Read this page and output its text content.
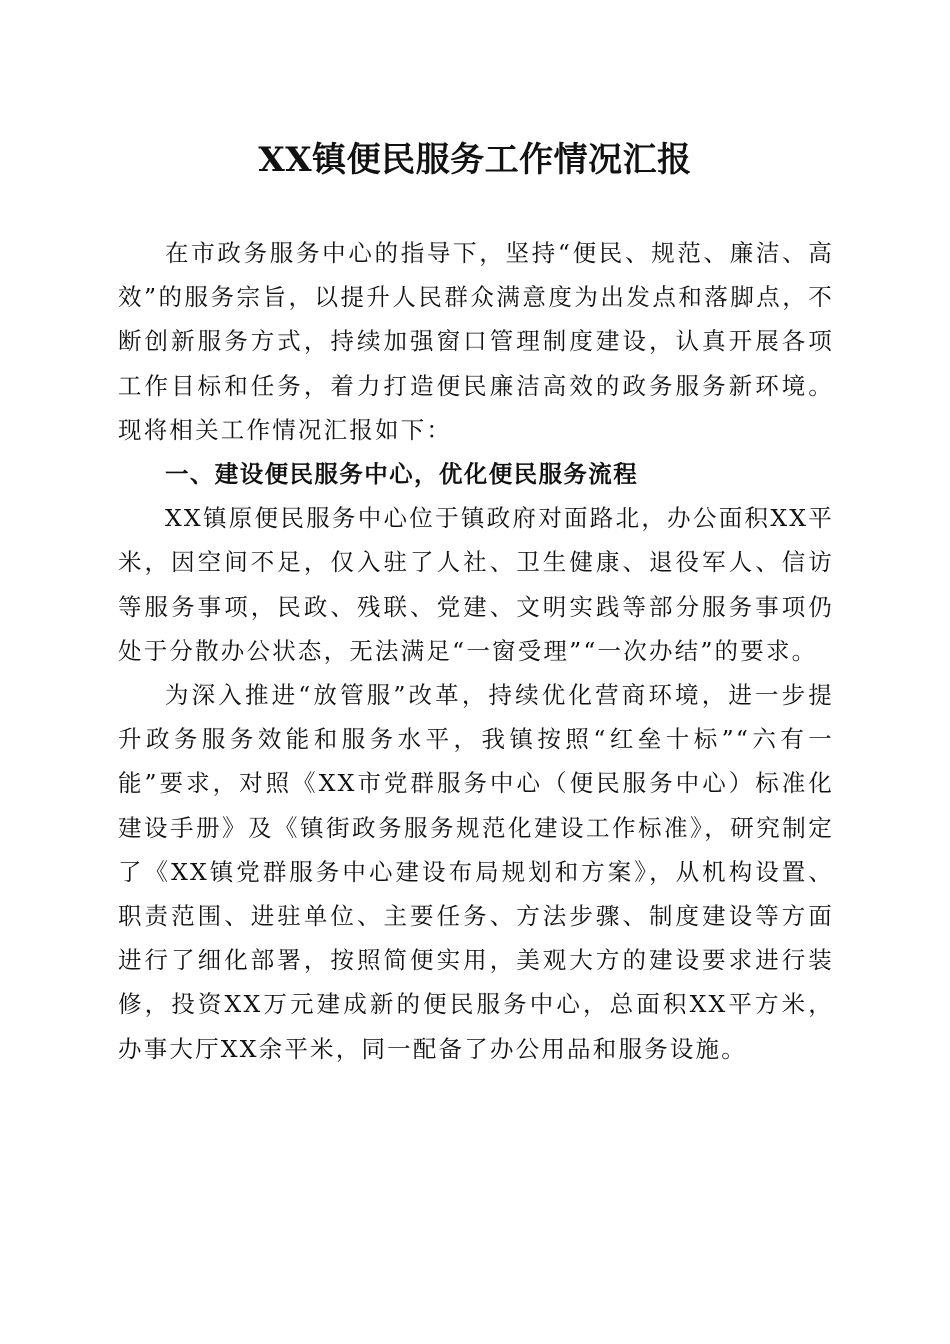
XX镇便民服务工作情况汇报

在市政务服务中心的指导下，坚持“便民、规范、廉洁、高效”的服务宗旨，以提升人民群众满意度为出发点和落脚点，不断创新服务方式，持续加强窗口管理制度建设，认真开展各项工作目标和任务，着力打造便民廉洁高效的政务服务新环境。现将相关工作情况汇报如下：

一、建设便民服务中心，优化便民服务流程

XX镇原便民服务中心位于镇政府对面路北，办公面积XX平米，因空间不足，仅入驻了人社、卫生健康、退役军人、信访等服务事项，民政、残联、党建、文明实践等部分服务事项仍处于分散办公状态，无法满足“一窗受理”“一次办结”的要求。

为深入推进“放管服”改革，持续优化营商环境，进一步提升政务服务效能和服务水平，我镇按照“红垒十标”“六有一能”要求，对照《XX市党群服务中心（便民服务中心）标准化建设手册》及《镇街政务服务规范化建设工作标准》，研究制定了《XX镇党群服务中心建设布局规划和方案》，从机构设置、职责范围、进驻单位、主要任务、方法步骤、制度建设等方面进行了细化部署，按照简便实用，美观大方的建设要求进行装修，投资XX万元建成新的便民服务中心，总面积XX平方米，办事大厅XX余平米，同一配备了办公用品和服务设施。
